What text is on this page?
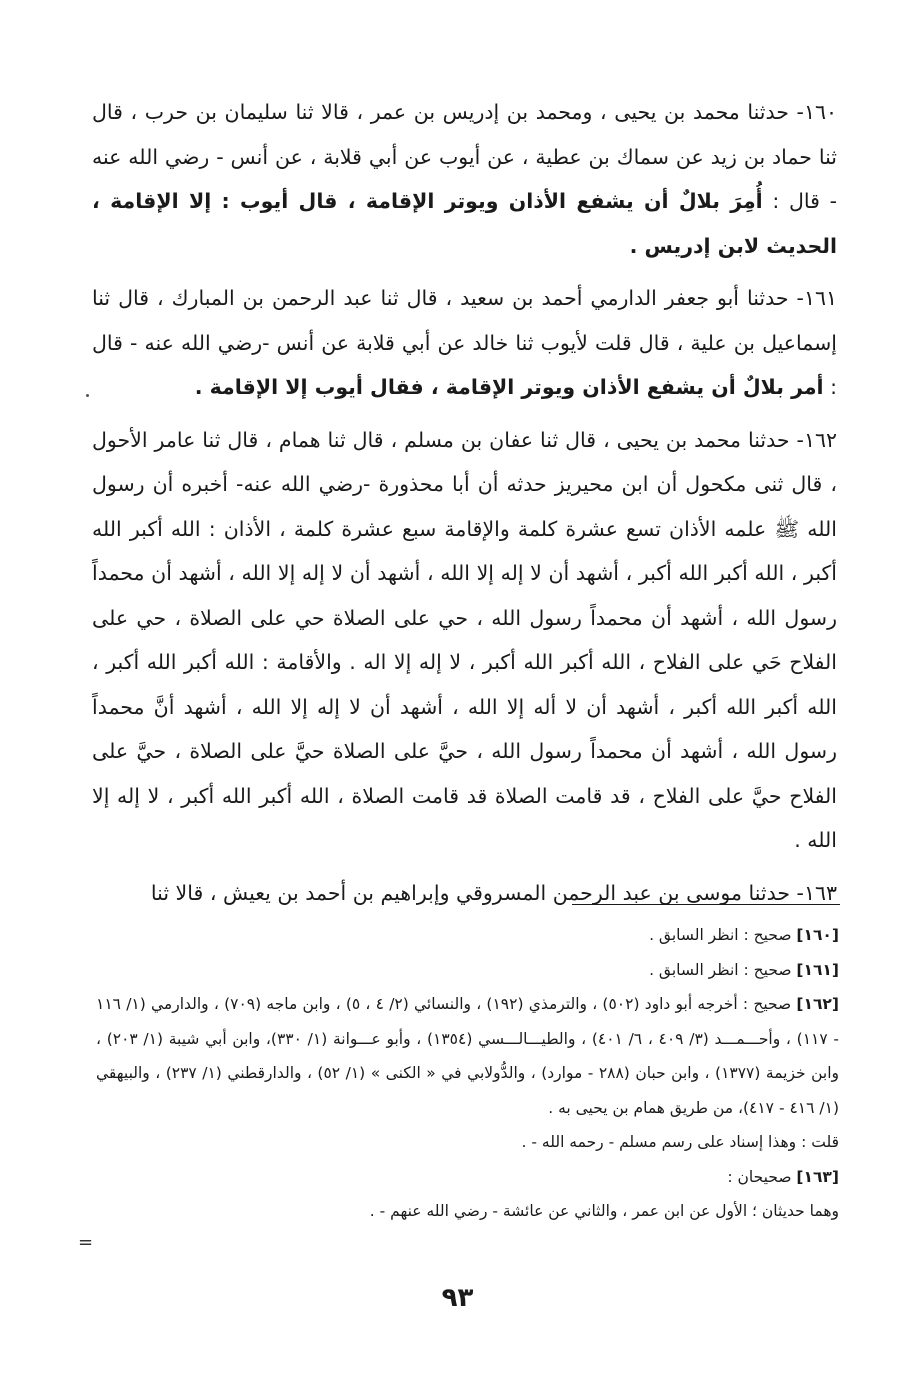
١٦٠- حدثنا محمد بن يحيى ، ومحمد بن إدريس بن عمر ، قالا ثنا سليمان بن حرب ، قال ثنا حماد بن زيد عن سماك بن عطية ، عن أيوب عن أبي قلابة ، عن أنس - رضي الله عنه - قال : أُمِرَ بلالٌ أن يشفع الأذان ويوتر الإقامة ، قال أيوب : إلا الإقامة ، الحديث لابن إدريس .

١٦١- حدثنا أبو جعفر الدارمي أحمد بن سعيد ، قال ثنا عبد الرحمن بن المبارك ، قال ثنا إسماعيل بن علية ، قال قلت لأيوب ثنا خالد عن أبي قلابة عن أنس -رضي الله عنه - قال : أمر بلالٌ أن يشفع الأذان ويوتر الإقامة ، فقال أيوب إلا الإقامة .

١٦٢- حدثنا محمد بن يحيى ، قال ثنا عفان بن مسلم ، قال ثنا همام ، قال ثنا عامر الأحول ، قال ثنى مكحول أن ابن محيريز حدثه أن أبا محذورة -رضي الله عنه- أخبره أن رسول الله ﷺ علمه الأذان تسع عشرة كلمة والإقامة سبع عشرة كلمة ، الأذان : الله أكبر الله أكبر ، الله أكبر الله أكبر ، أشهد أن لا إله إلا الله ، أشهد أن لا إله إلا الله ، أشهد أن محمداً رسول الله ، أشهد أن محمداً رسول الله ، حي على الصلاة حي على الصلاة ، حي على الفلاح حَي على الفلاح ، الله أكبر الله أكبر ، لا إله إلا اله . والأقامة : الله أكبر الله أكبر ، الله أكبر الله أكبر ، أشهد أن لا أله إلا الله ، أشهد أن لا إله إلا الله ، أشهد أنَّ محمداً رسول الله ، أشهد أن محمداً رسول الله ، حيَّ على الصلاة حيَّ على الصلاة ، حيَّ على الفلاح حيَّ على الفلاح ، قد قامت الصلاة قد قامت الصلاة ، الله أكبر الله أكبر ، لا إله إلا الله .

١٦٣- حدثنا موسى بن عبد الرحمن المسروقي وإبراهيم بن أحمد بن يعيش ، قالا ثنا

[١٦٠] صحيح : انظر السابق .

[١٦١] صحيح : انظر السابق .

[١٦٢] صحيح : أخرجه أبو داود (٥٠٢) ، والترمذي (١٩٢) ، والنسائي (٢/ ٤ ، ٥) ، وابن ماجه (٧٠٩) ، والدارمي (١/ ١١٦ - ١١٧) ، وأحـــمـــد (٣/ ٤٠٩ ، ٦/ ٤٠١) ، والطيـــالـــسي (١٣٥٤) ، وأبو عـــوانة (١/ ٣٣٠)، وابن أبي شيبة (١/ ٢٠٣) ، وابن خزيمة (١٣٧٧) ، وابن حبان (٢٨٨ - موارد) ، والدُّولابي في « الكنى » (١/ ٥٢) ، والدارقطني (١/ ٢٣٧) ، والبيهقي (١/ ٤١٦ - ٤١٧)، من طريق همام بن يحيى به .

قلت : وهذا إسناد على رسم مسلم - رحمه الله - .

[١٦٣] صحيحان :

وهما حديثان ؛ الأول عن ابن عمر ، والثاني عن عائشة - رضي الله عنهم - .

=
٩٣
